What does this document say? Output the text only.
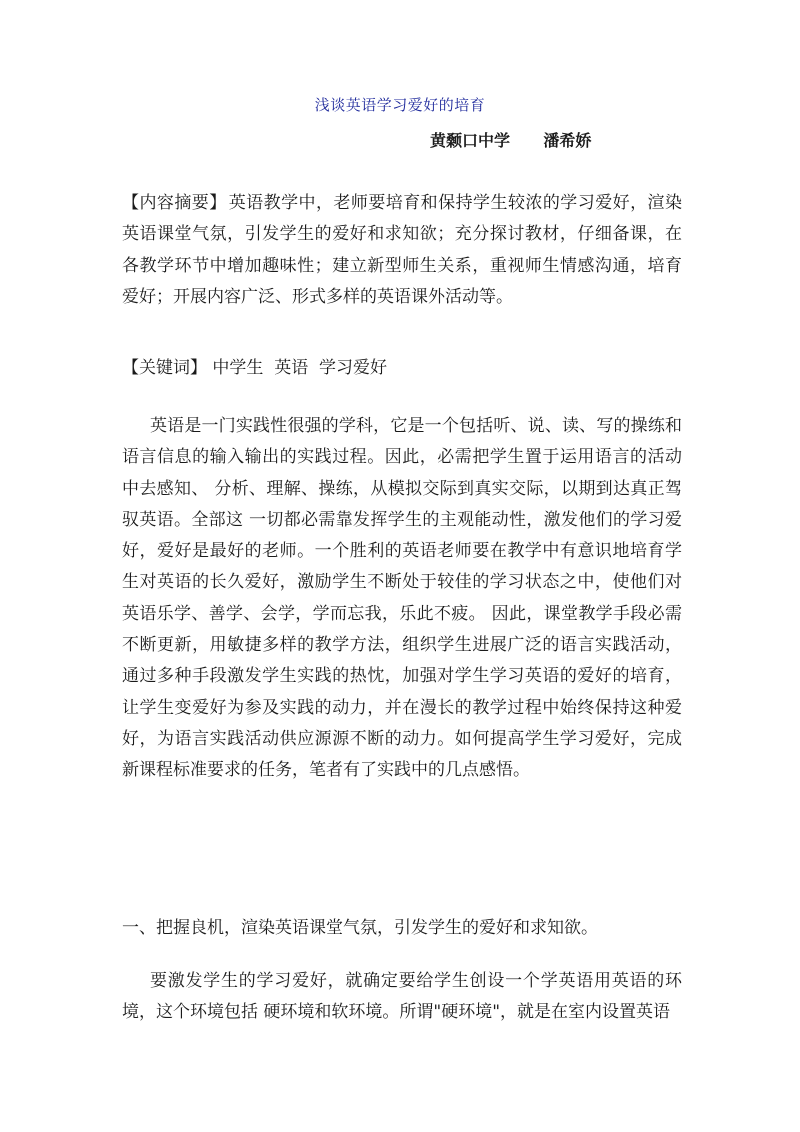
浅谈英语学习爱好的培育
黄颡口中学      潘希娇

【内容摘要】 英语教学中，老师要培育和保持学生较浓的学习爱好，渲染英语课堂气氛，引发学生的爱好和求知欲；充分探讨教材，仔细备课，在各教学环节中增加趣味性；建立新型师生关系，重视师生情感沟通，培育爱好；开展内容广泛、形式多样的英语课外活动等。

【关键词】 中学生  英语  学习爱好

英语是一门实践性很强的学科，它是一个包括听、说、读、写的操练和语言信息的输入输出的实践过程。因此，必需把学生置于运用语言的活动中去感知、 分析、理解、操练，从模拟交际到真实交际，以期到达真正驾驭英语。全部这 一切都必需靠发挥学生的主观能动性，激发他们的学习爱好，爱好是最好的老师。一个胜利的英语老师要在教学中有意识地培育学生对英语的长久爱好，激励学生不断处于较佳的学习状态之中，使他们对英语乐学、善学、会学，学而忘我，乐此不疲。 因此，课堂教学手段必需不断更新，用敏捷多样的教学方法，组织学生进展广泛的语言实践活动，通过多种手段激发学生实践的热忱，加强对学生学习英语的爱好的培育，让学生变爱好为参及实践的动力，并在漫长的教学过程中始终保持这种爱好，为语言实践活动供应源源不断的动力。如何提高学生学习爱好，完成新课程标准要求的任务，笔者有了实践中的几点感悟。

一、把握良机，渲染英语课堂气氛，引发学生的爱好和求知欲。

要激发学生的学习爱好，就确定要给学生创设一个学英语用英语的环境，这个环境包括 硬环境和软环境。所谓"硬环境"，就是在室内设置英语
